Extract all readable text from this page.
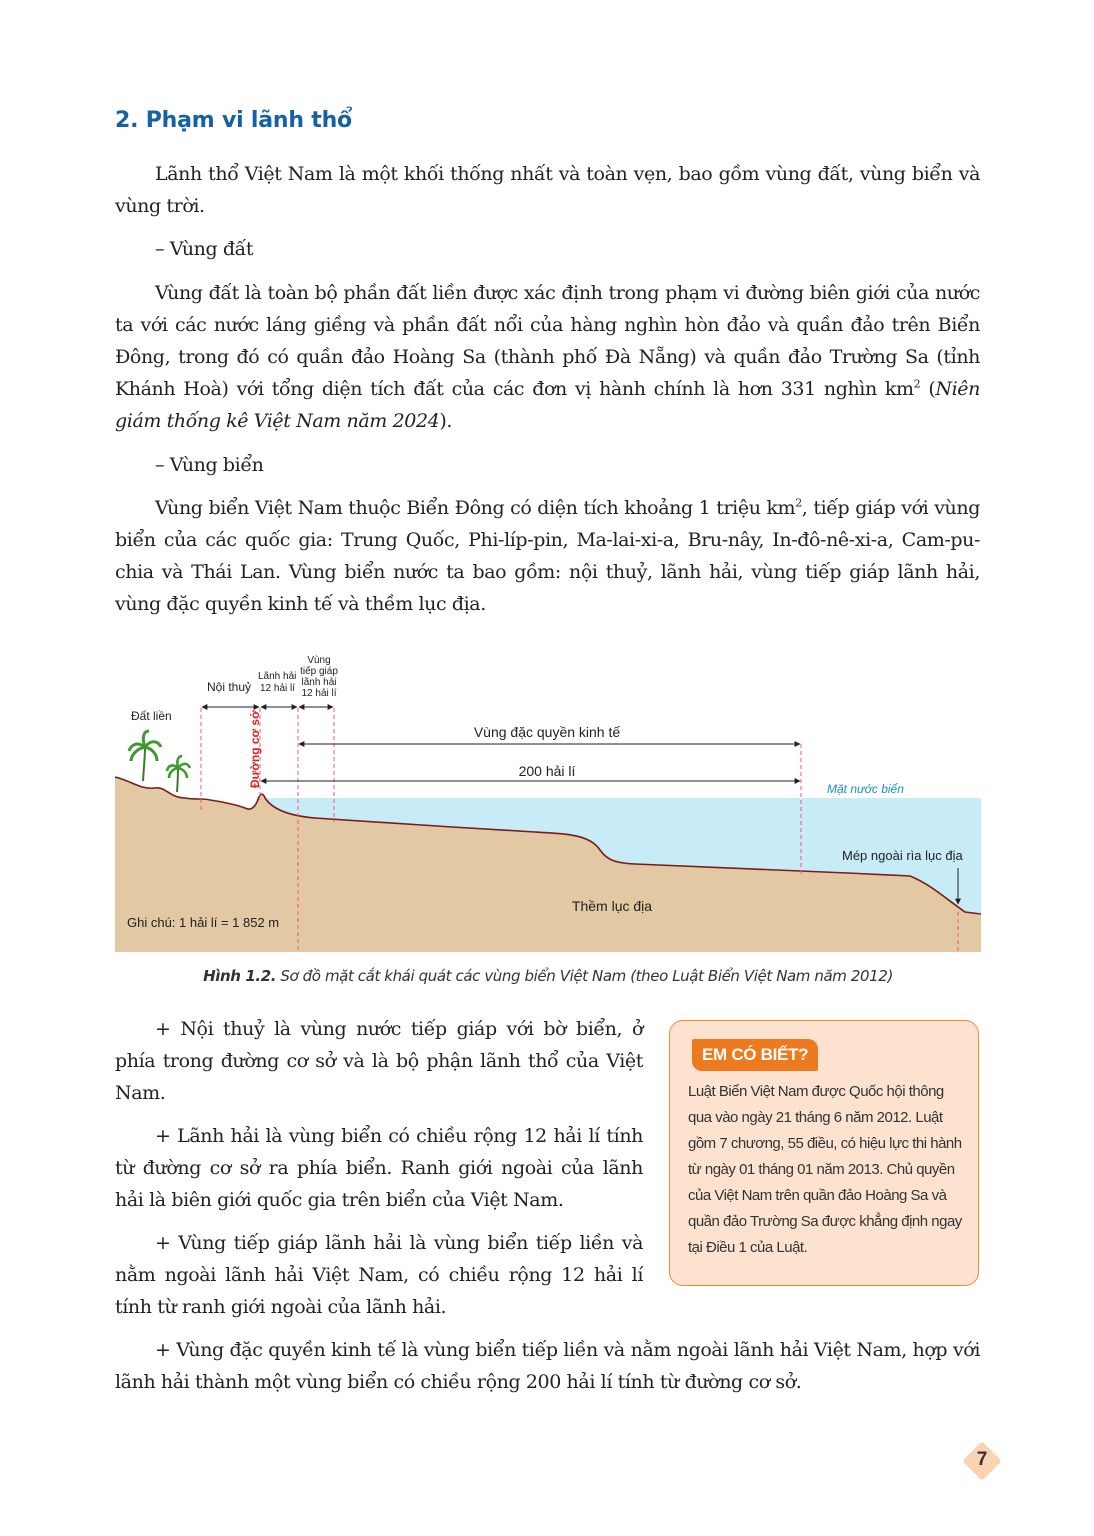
2. Phạm vi lãnh thổ

Lãnh thổ Việt Nam là một khối thống nhất và toàn vẹn, bao gồm vùng đất, vùng biển và vùng trời.

– Vùng đất

Vùng đất là toàn bộ phần đất liền được xác định trong phạm vi đường biên giới của nước ta với các nước láng giềng và phần đất nổi của hàng nghìn hòn đảo và quần đảo trên Biển Đông, trong đó có quần đảo Hoàng Sa (thành phố Đà Nẵng) và quần đảo Trường Sa (tỉnh Khánh Hoà) với tổng diện tích đất của các đơn vị hành chính là hơn 331 nghìn $km^2$ (Niên giám thống kê Việt Nam năm 2024).

– Vùng biển

Vùng biển Việt Nam thuộc Biển Đông có diện tích khoảng 1 triệu $km^2$, tiếp giáp với vùng biển của các quốc gia: Trung Quốc, Phi-líp-pin, Ma-lai-xi-a, Bru-nây, In-đô-nê-xi-a, Cam-pu-chia và Thái Lan. Vùng biển nước ta bao gồm: nội thuỷ, lãnh hải, vùng tiếp giáp lãnh hải, vùng đặc quyền kinh tế và thềm lục địa.

Đất liền
Nội thuỷ
Lãnh hải
12 hải lí
Vùng
tiếp giáp
lãnh hải
12 hải lí
Đường cơ sở	Vùng đặc quyền kinh tế
200 hải lí
Mặt nước biển
Mép ngoài rìa lục địa
Thềm lục địa
Ghi chú: 1 hải lí = 1 852 m

Hình 1.2. Sơ đồ mặt cắt khái quát các vùng biển Việt Nam (theo Luật Biển Việt Nam năm 2012)

+ Nội thuỷ là vùng nước tiếp giáp với bờ biển, ở phía trong đường cơ sở và là bộ phận lãnh thổ của Việt Nam.

+ Lãnh hải là vùng biển có chiều rộng 12 hải lí tính từ đường cơ sở ra phía biển. Ranh giới ngoài của lãnh hải là biên giới quốc gia trên biển của Việt Nam.

+ Vùng tiếp giáp lãnh hải là vùng biển tiếp liền và nằm ngoài lãnh hải Việt Nam, có chiều rộng 12 hải lí tính từ ranh giới ngoài của lãnh hải.

+ Vùng đặc quyền kinh tế là vùng biển tiếp liền và nằm ngoài lãnh hải Việt Nam, hợp với lãnh hải thành một vùng biển có chiều rộng 200 hải lí tính từ đường cơ sở.

EM CÓ BIẾT?

Luật Biển Việt Nam được Quốc hội thông qua vào ngày 21 tháng 6 năm 2012. Luật gồm 7 chương, 55 điều, có hiệu lực thi hành từ ngày 01 tháng 01 năm 2013. Chủ quyền của Việt Nam trên quần đảo Hoàng Sa và quần đảo Trường Sa được khẳng định ngay tại Điều 1 của Luật.

7
